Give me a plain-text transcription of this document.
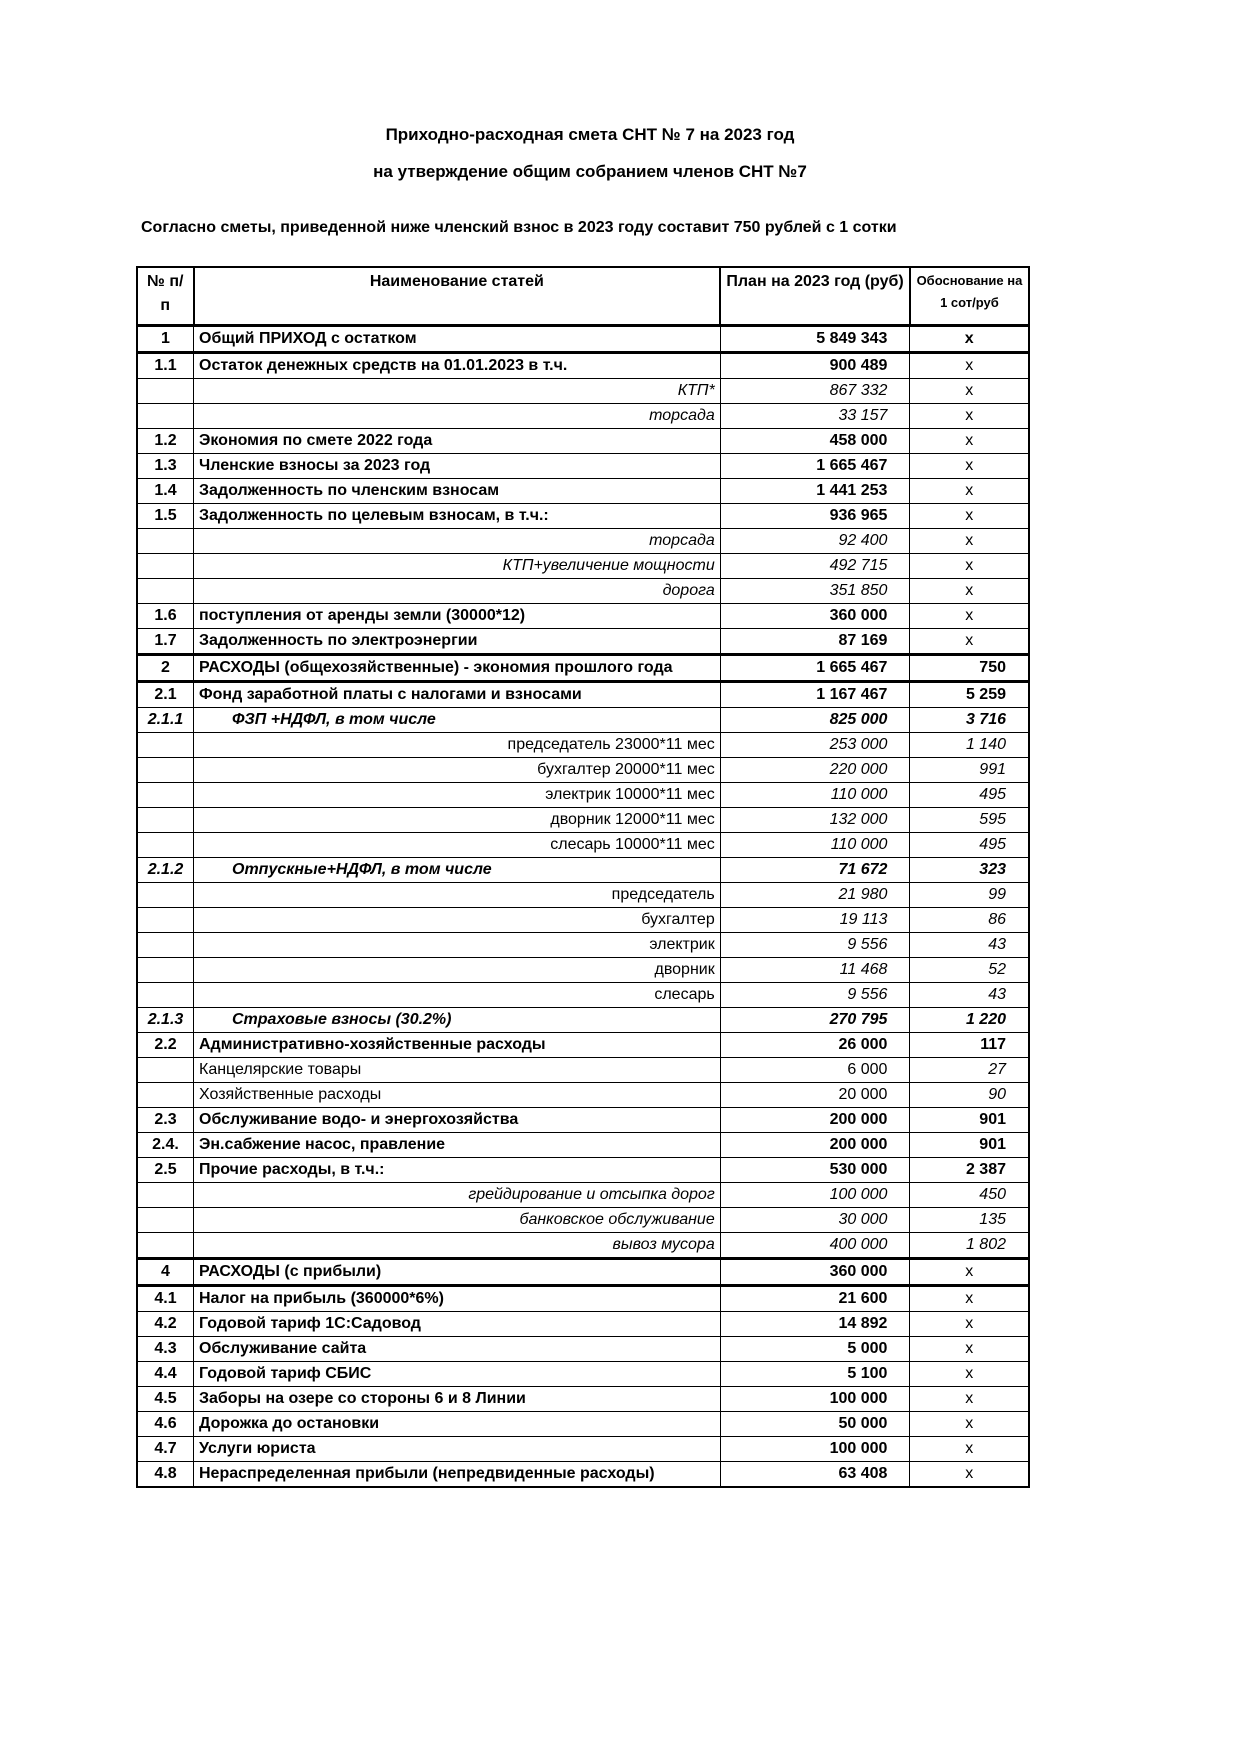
Приходно-расходная смета СНТ № 7 на 2023 год
на утверждение общим собранием членов СНТ №7
Согласно сметы, приведенной ниже членский взнос в 2023 году составит 750 рублей с 1 сотки
№ п/п	Наименование статей	План на 2023 год (руб)	Обоснование на 1 сот/руб
1	Общий ПРИХОД с остатком	5 849 343	x
1.1	Остаток денежных средств на 01.01.2023 в т.ч.	900 489	x
	КТП*	867 332	x
	торсада	33 157	x
1.2	Экономия по смете 2022 года	458 000	x
1.3	Членские взносы за 2023 год	1 665 467	x
1.4	Задолженность по членским взносам	1 441 253	x
1.5	Задолженность по целевым взносам, в т.ч.:	936 965	x
	торсада	92 400	x
	КТП+увеличение мощности	492 715	x
	дорога	351 850	x
1.6	поступления от аренды земли (30000*12)	360 000	x
1.7	Задолженность по электроэнергии	87 169	x
2	РАСХОДЫ (общехозяйственные) - экономия прошлого года	1 665 467	750
2.1	Фонд заработной платы с налогами и взносами	1 167 467	5 259
2.1.1	ФЗП +НДФЛ, в том числе	825 000	3 716
	председатель 23000*11 мес	253 000	1 140
	бухгалтер 20000*11 мес	220 000	991
	электрик 10000*11 мес	110 000	495
	дворник 12000*11 мес	132 000	595
	слесарь 10000*11 мес	110 000	495
2.1.2	Отпускные+НДФЛ, в том числе	71 672	323
	председатель	21 980	99
	бухгалтер	19 113	86
	электрик	9 556	43
	дворник	11 468	52
	слесарь	9 556	43
2.1.3	Страховые взносы (30.2%)	270 795	1 220
2.2	Административно-хозяйственные расходы	26 000	117
	Канцелярские товары	6 000	27
	Хозяйственные расходы	20 000	90
2.3	Обслуживание водо- и энергохозяйства	200 000	901
2.4.	Эн.сабжение насос, правление	200 000	901
2.5	Прочие расходы, в т.ч.:	530 000	2 387
	грейдирование и отсыпка дорог	100 000	450
	банковское обслуживание	30 000	135
	вывоз мусора	400 000	1 802
4	РАСХОДЫ (с прибыли)	360 000	x
4.1	Налог на прибыль (360000*6%)	21 600	x
4.2	Годовой тариф 1С:Садовод	14 892	x
4.3	Обслуживание сайта	5 000	x
4.4	Годовой тариф СБИС	5 100	x
4.5	Заборы на озере со стороны 6 и 8 Линии	100 000	x
4.6	Дорожка до остановки	50 000	x
4.7	Услуги юриста	100 000	x
4.8	Нераспределенная прибыли (непредвиденные расходы)	63 408	x
